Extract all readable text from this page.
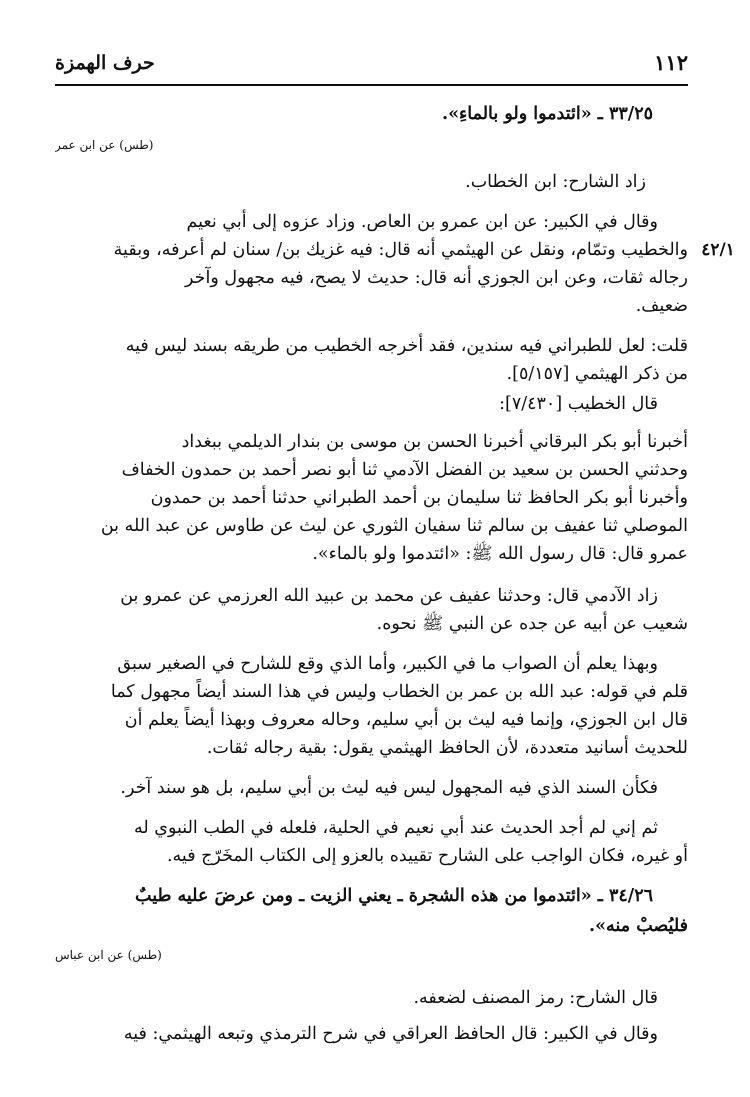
١١٢
حرف الهمزة
٣٣/٢٥ ـ «ائتدموا ولو بالماءِ».
(طس) عن ابن عمر
زاد الشارح: ابن الخطاب.
وقال في الكبير: عن ابن عمرو بن العاص. وزاد عزوه إلى أبي نعيم
٤٢/١
والخطيب وتمّام، ونقل عن الهيثمي أنه قال: فيه غزيك بن/ سنان لم أعرفه، وبقية
رجاله ثقات، وعن ابن الجوزي أنه قال: حديث لا يصح، فيه مجهول وآخر
ضعيف.
قلت: لعل للطبراني فيه سندين، فقد أخرجه الخطيب من طريقه بسند ليس فيه
من ذكر الهيثمي [٥/١٥٧].
قال الخطيب [٧/٤٣٠]:
أخبرنا أبو بكر البرقاني أخبرنا الحسن بن موسى بن بندار الديلمي ببغداد
وحدثني الحسن بن سعيد بن الفضل الآدمي ثنا أبو نصر أحمد بن حمدون الخفاف
وأخبرنا أبو بكر الحافظ ثنا سليمان بن أحمد الطبراني حدثنا أحمد بن حمدون
الموصلي ثنا عفيف بن سالم ثنا سفيان الثوري عن ليث عن طاوس عن عبد الله بن
عمرو قال: قال رسول الله ﷺ: «ائتدموا ولو بالماء».
زاد الآدمي قال: وحدثنا عفيف عن محمد بن عبيد الله العرزمي عن عمرو بن
شعيب عن أبيه عن جده عن النبي ﷺ نحوه.
وبهذا يعلم أن الصواب ما في الكبير، وأما الذي وقع للشارح في الصغير سبق
قلم في قوله: عبد الله بن عمر بن الخطاب وليس في هذا السند أيضاً مجهول كما
قال ابن الجوزي، وإنما فيه ليث بن أبي سليم، وحاله معروف وبهذا أيضاً يعلم أن
للحديث أسانيد متعددة، لأن الحافظ الهيثمي يقول: بقية رجاله ثقات.
فكأن السند الذي فيه المجهول ليس فيه ليث بن أبي سليم، بل هو سند آخر.
ثم إني لم أجد الحديث عند أبي نعيم في الحلية، فلعله في الطب النبوي له
أو غيره، فكان الواجب على الشارح تقييده بالعزو إلى الكتاب المخَرّج فيه.
٣٤/٢٦ ـ «ائتدموا من هذه الشجرة ـ يعني الزيت ـ ومن عرضَ عليه طيبٌ
فليُصبْ منه».
(طس) عن ابن عباس
قال الشارح: رمز المصنف لضعفه.
وقال في الكبير: قال الحافظ العراقي في شرح الترمذي وتبعه الهيثمي: فيه
